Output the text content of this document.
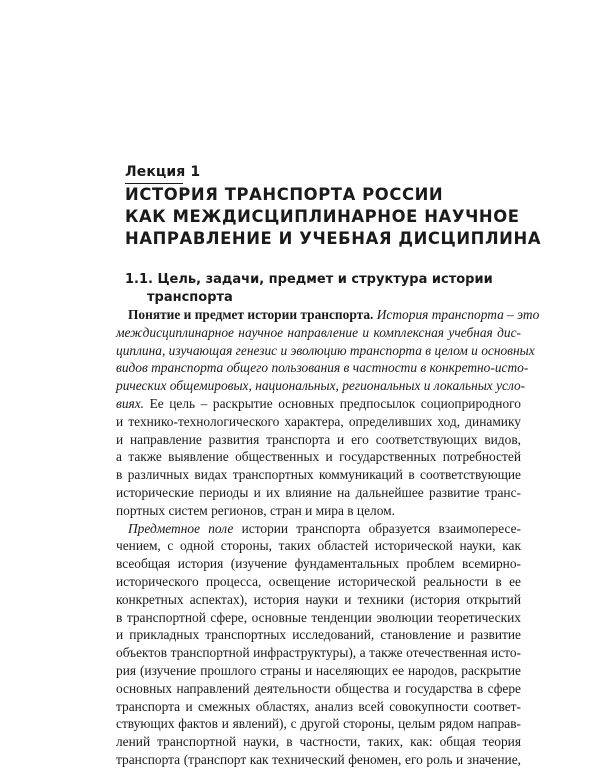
Лекция 1
ИСТОРИЯ ТРАНСПОРТА РОССИИ
КАК МЕЖДИСЦИПЛИНАРНОЕ НАУЧНОЕ
НАПРАВЛЕНИЕ И УЧЕБНАЯ ДИСЦИПЛИНА
1.1. Цель, задачи, предмет и структура истории
транспорта
Понятие и предмет истории транспорта. История транспорта – это
междисциплинарное научное направление и комплексная учебная дис-
циплина, изучающая генезис и эволюцию транспорта в целом и основных
видов транспорта общего пользования в частности в конкретно-исто-
рических общемировых, национальных, региональных и локальных усло-
виях. Ее цель – раскрытие основных предпосылок социоприродного
и технико-технологического характера, определивших ход, динамику
и направление развития транспорта и его соответствующих видов,
а также выявление общественных и государственных потребностей
в различных видах транспортных коммуникаций в соответствующие
исторические периоды и их влияние на дальнейшее развитие транс-
портных систем регионов, стран и мира в целом.
Предметное поле истории транспорта образуется взаимопересе-
чением, с одной стороны, таких областей исторической науки, как
всеобщая история (изучение фундаментальных проблем всемирно-
исторического процесса, освещение исторической реальности в ее
конкретных аспектах), история науки и техники (история открытий
в транспортной сфере, основные тенденции эволюции теоретических
и прикладных транспортных исследований, становление и развитие
объектов транспортной инфраструктуры), а также отечественная исто-
рия (изучение прошлого страны и населяющих ее народов, раскрытие
основных направлений деятельности общества и государства в сфере
транспорта и смежных областях, анализ всей совокупности соответ-
ствующих фактов и явлений), с другой стороны, целым рядом направ-
лений транспортной науки, в частности, таких, как: общая теория
транспорта (транспорт как технический феномен, его роль и значение,
